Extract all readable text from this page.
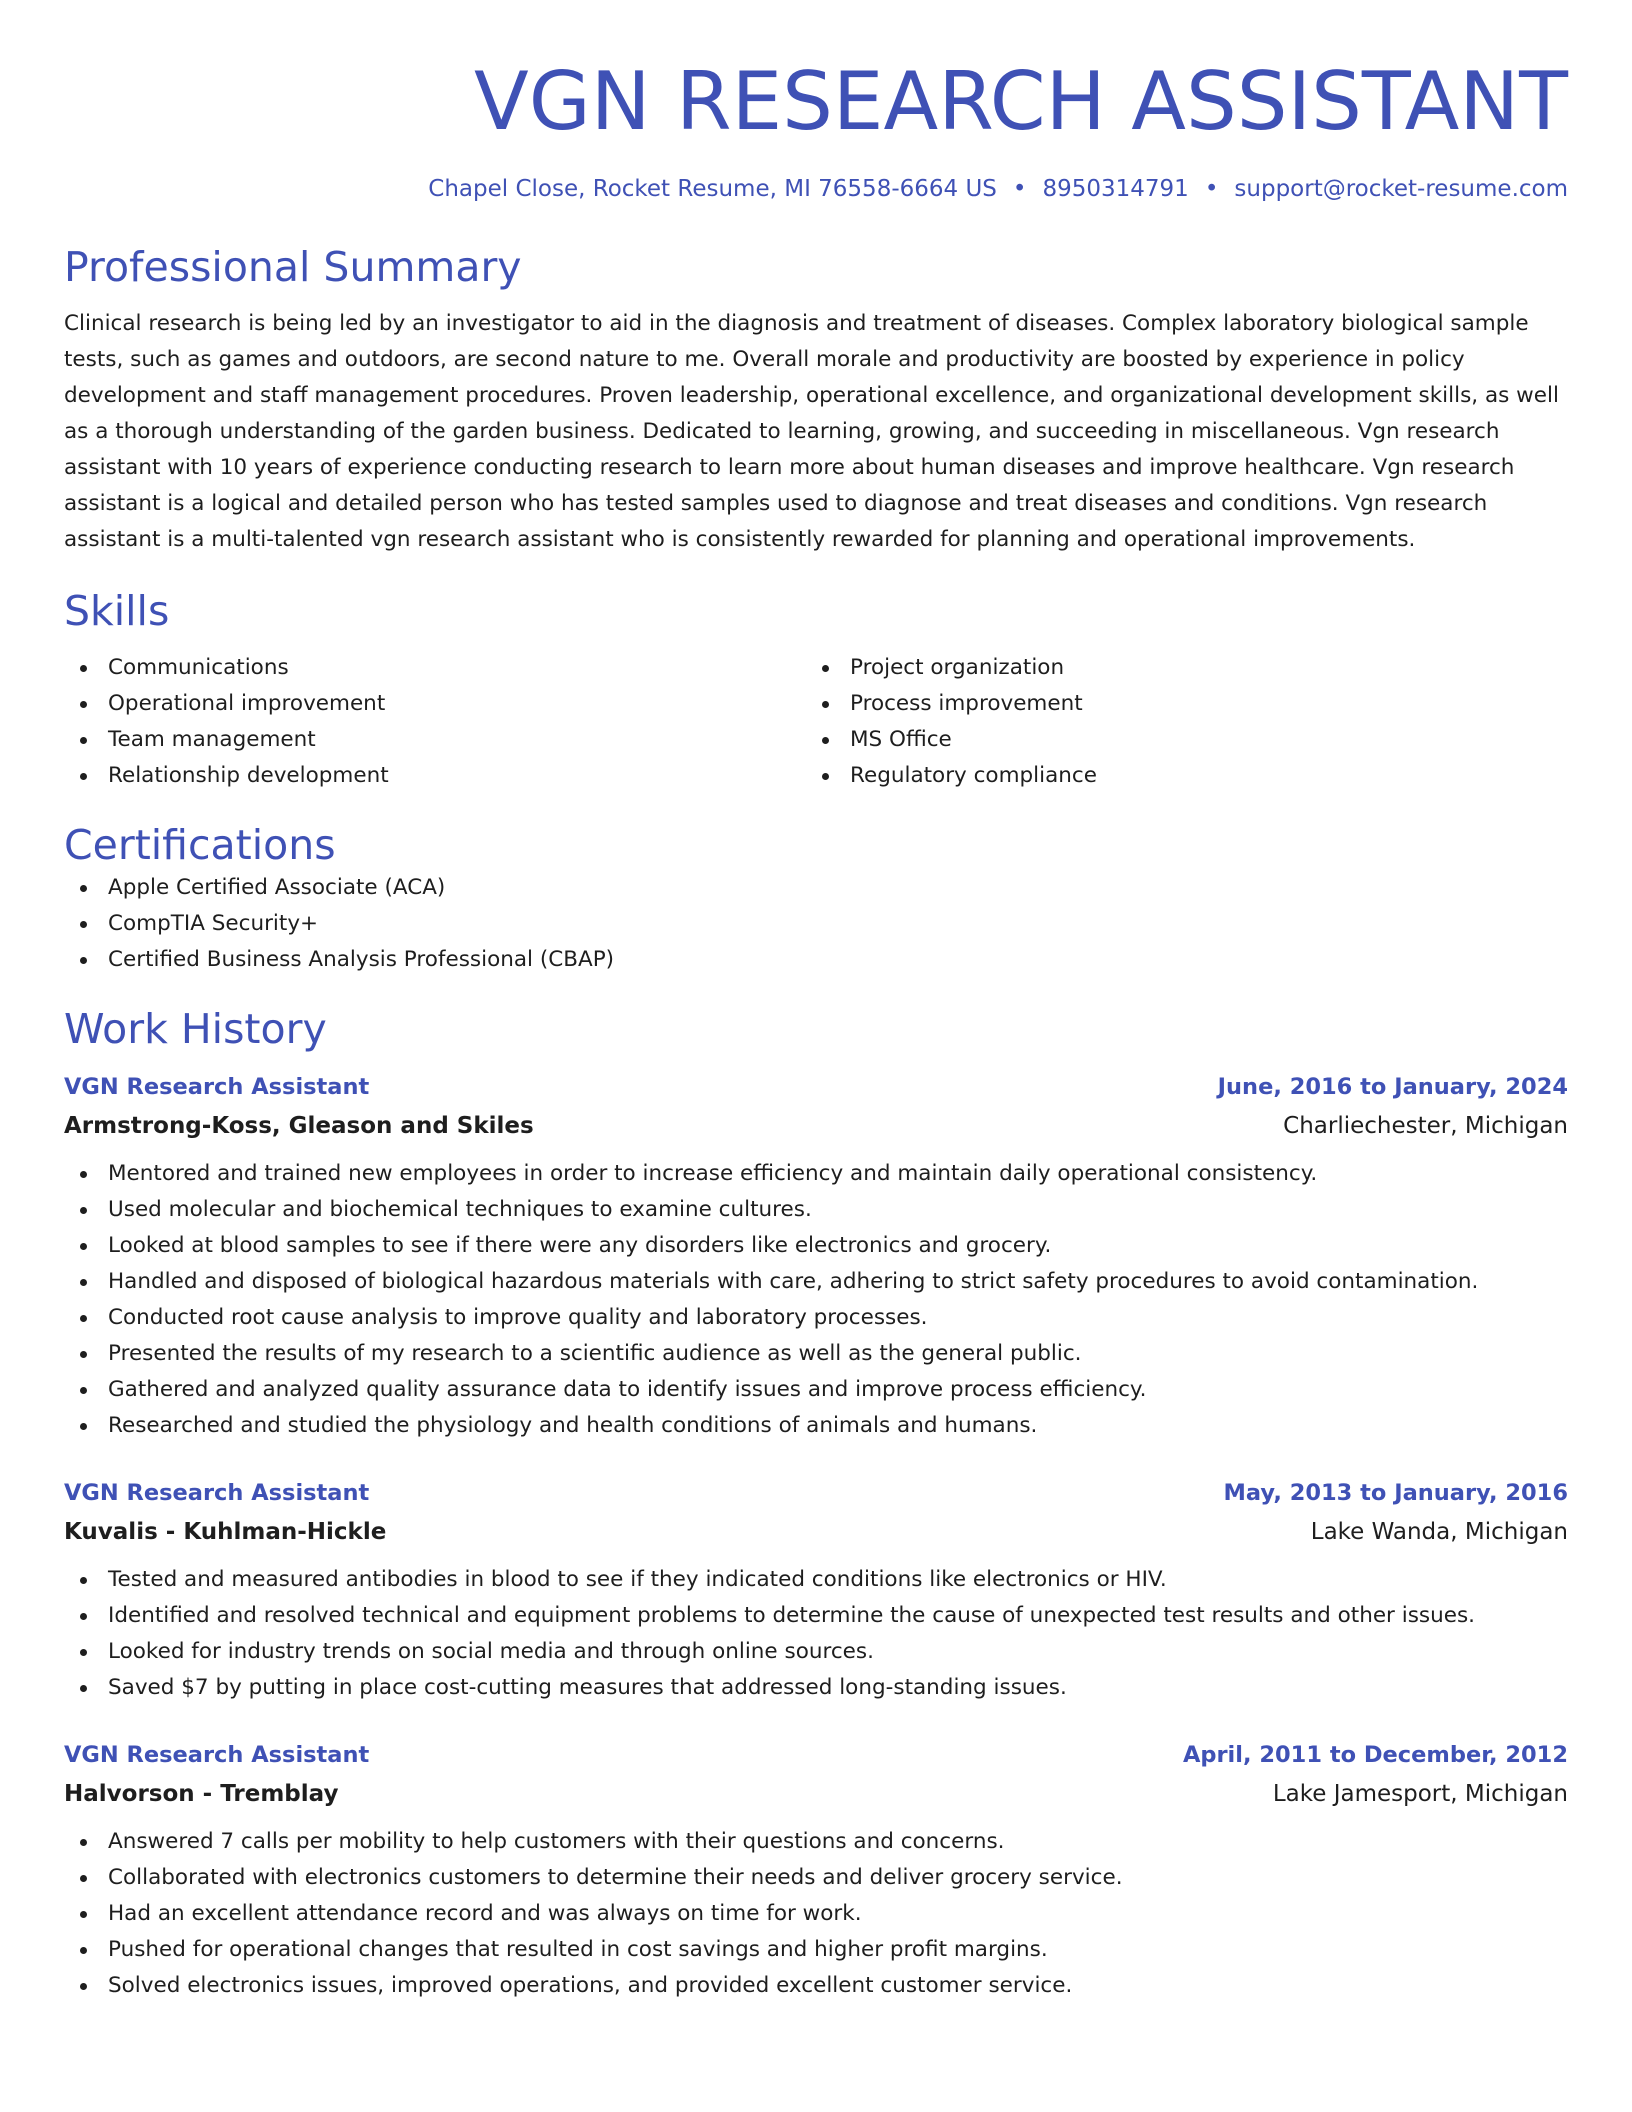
VGN RESEARCH ASSISTANT
Chapel Close, Rocket Resume, MI 76558-6664 US • 8950314791 • support@rocket-resume.com
Professional Summary

Clinical research is being led by an investigator to aid in the diagnosis and treatment of diseases. Complex laboratory biological sample tests, such as games and outdoors, are second nature to me. Overall morale and productivity are boosted by experience in policy development and staff management procedures. Proven leadership, operational excellence, and organizational development skills, as well as a thorough understanding of the garden business. Dedicated to learning, growing, and succeeding in miscellaneous. Vgn research assistant with 10 years of experience conducting research to learn more about human diseases and improve healthcare. Vgn research assistant is a logical and detailed person who has tested samples used to diagnose and treat diseases and conditions. Vgn research assistant is a multi-talented vgn research assistant who is consistently rewarded for planning and operational improvements.

Skills
Communications
Operational improvement
Team management
Relationship development
Project organization
Process improvement
MS Office
Regulatory compliance
Certifications
Apple Certified Associate (ACA)
CompTIA Security+
Certified Business Analysis Professional (CBAP)
Work History
VGN Research Assistant	June, 2016 to January, 2024
Armstrong-Koss, Gleason and Skiles	Charliechester, Michigan
Mentored and trained new employees in order to increase efficiency and maintain daily operational consistency.
Used molecular and biochemical techniques to examine cultures.
Looked at blood samples to see if there were any disorders like electronics and grocery.
Handled and disposed of biological hazardous materials with care, adhering to strict safety procedures to avoid contamination.
Conducted root cause analysis to improve quality and laboratory processes.
Presented the results of my research to a scientific audience as well as the general public.
Gathered and analyzed quality assurance data to identify issues and improve process efficiency.
Researched and studied the physiology and health conditions of animals and humans.
VGN Research Assistant	May, 2013 to January, 2016
Kuvalis - Kuhlman-Hickle	Lake Wanda, Michigan
Tested and measured antibodies in blood to see if they indicated conditions like electronics or HIV.
Identified and resolved technical and equipment problems to determine the cause of unexpected test results and other issues.
Looked for industry trends on social media and through online sources.
Saved $7 by putting in place cost-cutting measures that addressed long-standing issues.
VGN Research Assistant	April, 2011 to December, 2012
Halvorson - Tremblay	Lake Jamesport, Michigan
Answered 7 calls per mobility to help customers with their questions and concerns.
Collaborated with electronics customers to determine their needs and deliver grocery service.
Had an excellent attendance record and was always on time for work.
Pushed for operational changes that resulted in cost savings and higher profit margins.
Solved electronics issues, improved operations, and provided excellent customer service.
